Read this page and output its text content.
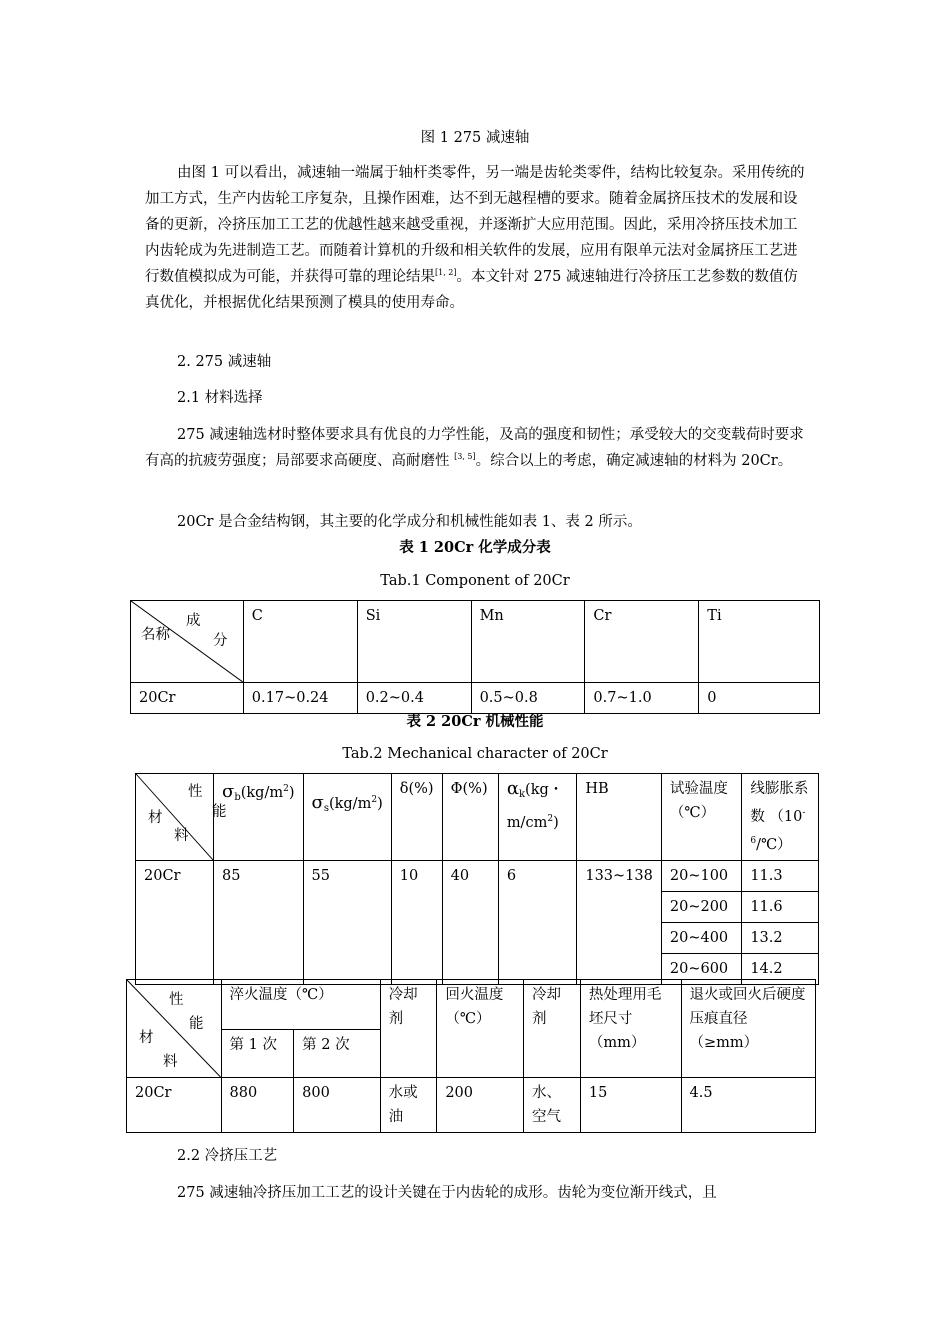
图 1 275 减速轴
由图 1 可以看出，减速轴一端属于轴杆类零件，另一端是齿轮类零件，结构比较复杂。采用传统的加工方式，生产内齿轮工序复杂，且操作困难，达不到无越程槽的要求。随着金属挤压技术的发展和设备的更新，冷挤压加工工艺的优越性越来越受重视，并逐渐扩大应用范围。因此，采用冷挤压技术加工内齿轮成为先进制造工艺。而随着计算机的升级和相关软件的发展，应用有限单元法对金属挤压工艺进行数值模拟成为可能，并获得可靠的理论结果[1, 2]。本文针对 275 减速轴进行冷挤压工艺参数的数值仿真优化，并根据优化结果预测了模具的使用寿命。
2. 275 减速轴
2.1 材料选择
275 减速轴选材时整体要求具有优良的力学性能，及高的强度和韧性；承受较大的交变载荷时要求有高的抗疲劳强度；局部要求高硬度、高耐磨性 [3, 5]。综合以上的考虑，确定减速轴的材料为 20Cr。
20Cr 是合金结构钢，其主要的化学成分和机械性能如表 1、表 2 所示。
表 1 20Cr 化学成分表
Tab.1 Component of 20Cr
成
名称 分	C	Si	Mn	Cr	Ti
20Cr	0.17~0.24	0.2~0.4	0.5~0.8	0.7~1.0	0
表 2 20Cr 机械性能
Tab.2 Mechanical character of 20Cr
性
能
材
料	$\sigma_b(kg/m^2)$	$\sigma_s(kg/m^2)$	δ(%)	Φ(%)	$\alpha_k(kg$・$m/cm^2$)	HB	试验温度（℃）	线膨胀系数 $(10^{-6}/℃)$
20Cr	85	55	10	40	6	133~138	20~100	11.3
							20~200	11.6
							20~400	13.2
							20~600	14.2
性
能
材
料	淬火温度（℃）		冷却剂	回火温度（℃）	冷却剂	热处理用毛坯尺寸（mm）	退火或回火后硬度压痕直径（≥mm）
	第 1 次	第 2 次					
20Cr	880	800	水或油	200	水、空气	15	4.5
2.2 冷挤压工艺
275 减速轴冷挤压加工工艺的设计关键在于内齿轮的成形。齿轮为变位渐开线式，且
